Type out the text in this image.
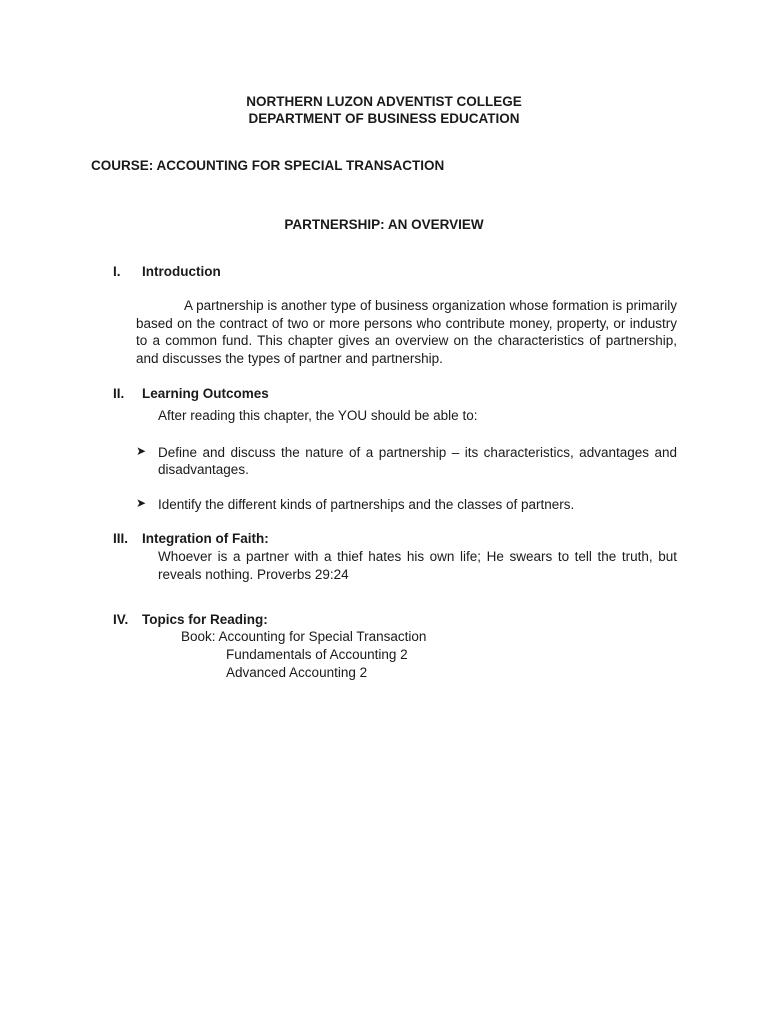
NORTHERN LUZON ADVENTIST COLLEGE
DEPARTMENT OF BUSINESS EDUCATION
COURSE: ACCOUNTING FOR SPECIAL TRANSACTION
PARTNERSHIP: AN OVERVIEW
I. Introduction
A partnership is another type of business organization whose formation is primarily based on the contract of two or more persons who contribute money, property, or industry to a common fund. This chapter gives an overview on the characteristics of partnership, and discusses the types of partner and partnership.
II. Learning Outcomes
After reading this chapter, the YOU should be able to:
➤ Define and discuss the nature of a partnership – its characteristics, advantages and disadvantages.
➤ Identify the different kinds of partnerships and the classes of partners.
III. Integration of Faith:
Whoever is a partner with a thief hates his own life; He swears to tell the truth, but reveals nothing. Proverbs 29:24
IV. Topics for Reading:
Book: Accounting for Special Transaction
Fundamentals of Accounting 2
Advanced Accounting 2
